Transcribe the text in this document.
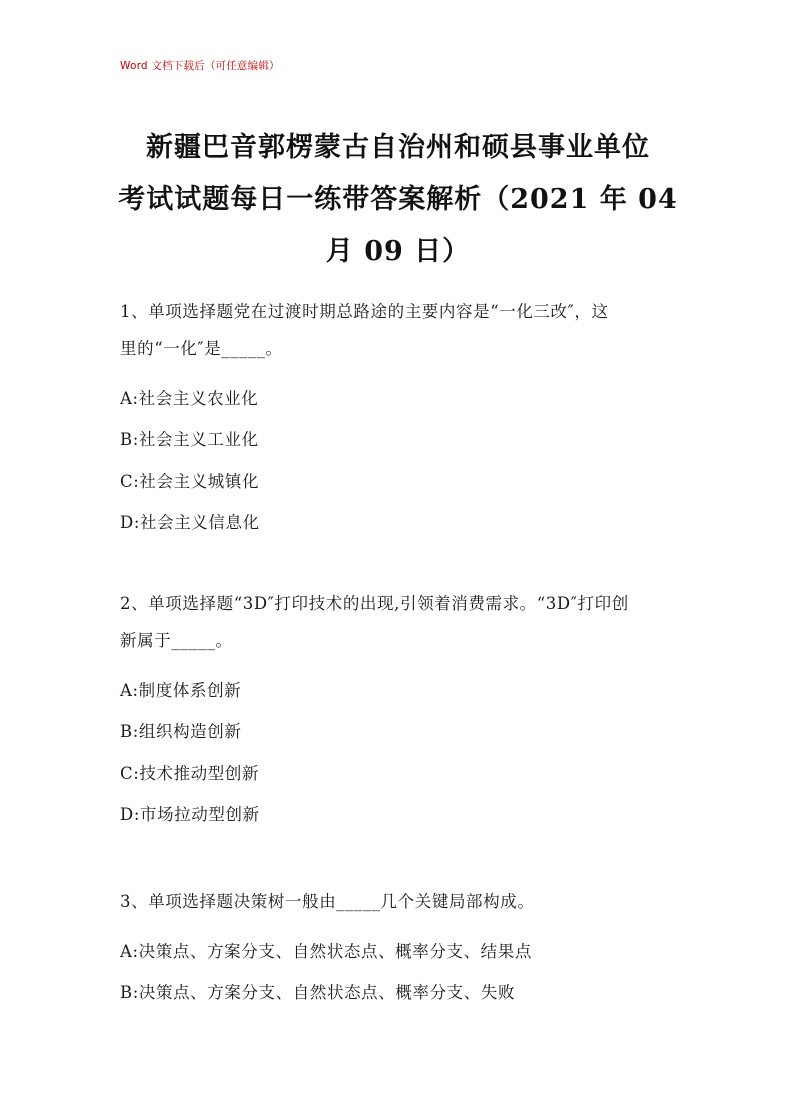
Word 文档下载后（可任意编辑）
新疆巴音郭楞蒙古自治州和硕县事业单位
考试试题每日一练带答案解析（2021 年 04
月 09 日）
1、单项选择题党在过渡时期总路途的主要内容是“一化三改″，这
里的“一化″是_____。
A:社会主义农业化
B:社会主义工业化
C:社会主义城镇化
D:社会主义信息化
2、单项选择题“3D″打印技术的出现,引领着消费需求。“3D″打印创
新属于_____。
A:制度体系创新
B:组织构造创新
C:技术推动型创新
D:市场拉动型创新
3、单项选择题决策树一般由_____几个关键局部构成。
A:决策点、方案分支、自然状态点、概率分支、结果点
B:决策点、方案分支、自然状态点、概率分支、失败
